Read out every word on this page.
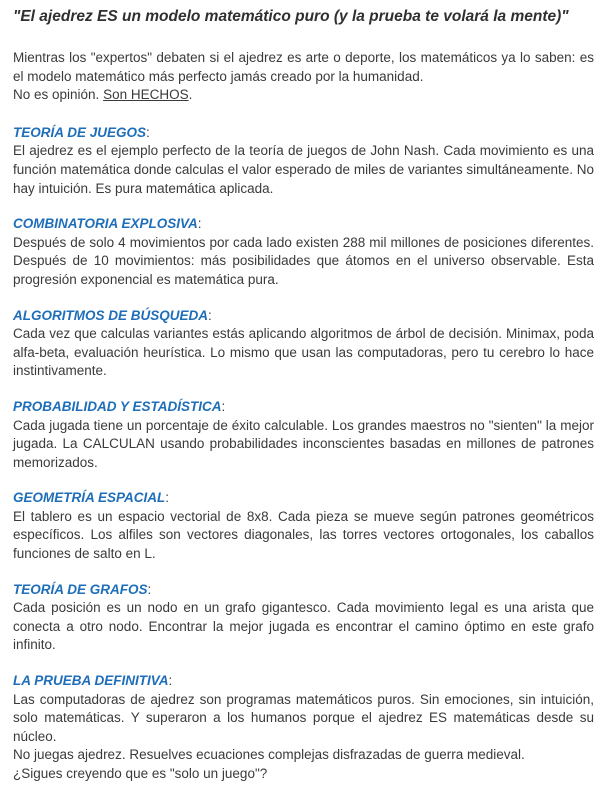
"El ajedrez ES un modelo matemático puro (y la prueba te volará la mente)"

Mientras los "expertos" debaten si el ajedrez es arte o deporte, los matemáticos ya lo saben: es el modelo matemático más perfecto jamás creado por la humanidad.

No es opinión. Son HECHOS.

TEORÍA DE JUEGOS:

El ajedrez es el ejemplo perfecto de la teoría de juegos de John Nash. Cada movimiento es una función matemática donde calculas el valor esperado de miles de variantes simultáneamente. No hay intuición. Es pura matemática aplicada.

COMBINATORIA EXPLOSIVA:

Después de solo 4 movimientos por cada lado existen 288 mil millones de posiciones diferentes. Después de 10 movimientos: más posibilidades que átomos en el universo observable. Esta progresión exponencial es matemática pura.

ALGORITMOS DE BÚSQUEDA:

Cada vez que calculas variantes estás aplicando algoritmos de árbol de decisión. Minimax, poda alfa-beta, evaluación heurística. Lo mismo que usan las computadoras, pero tu cerebro lo hace instintivamente.

PROBABILIDAD Y ESTADÍSTICA:

Cada jugada tiene un porcentaje de éxito calculable. Los grandes maestros no "sienten" la mejor jugada. La CALCULAN usando probabilidades inconscientes basadas en millones de patrones memorizados.

GEOMETRÍA ESPACIAL:

El tablero es un espacio vectorial de 8x8. Cada pieza se mueve según patrones geométricos específicos. Los alfiles son vectores diagonales, las torres vectores ortogonales, los caballos funciones de salto en L.

TEORÍA DE GRAFOS:

Cada posición es un nodo en un grafo gigantesco. Cada movimiento legal es una arista que conecta a otro nodo. Encontrar la mejor jugada es encontrar el camino óptimo en este grafo infinito.

LA PRUEBA DEFINITIVA:

Las computadoras de ajedrez son programas matemáticos puros. Sin emociones, sin intuición, solo matemáticas. Y superaron a los humanos porque el ajedrez ES matemáticas desde su núcleo.

No juegas ajedrez. Resuelves ecuaciones complejas disfrazadas de guerra medieval.

¿Sigues creyendo que es "solo un juego"?
